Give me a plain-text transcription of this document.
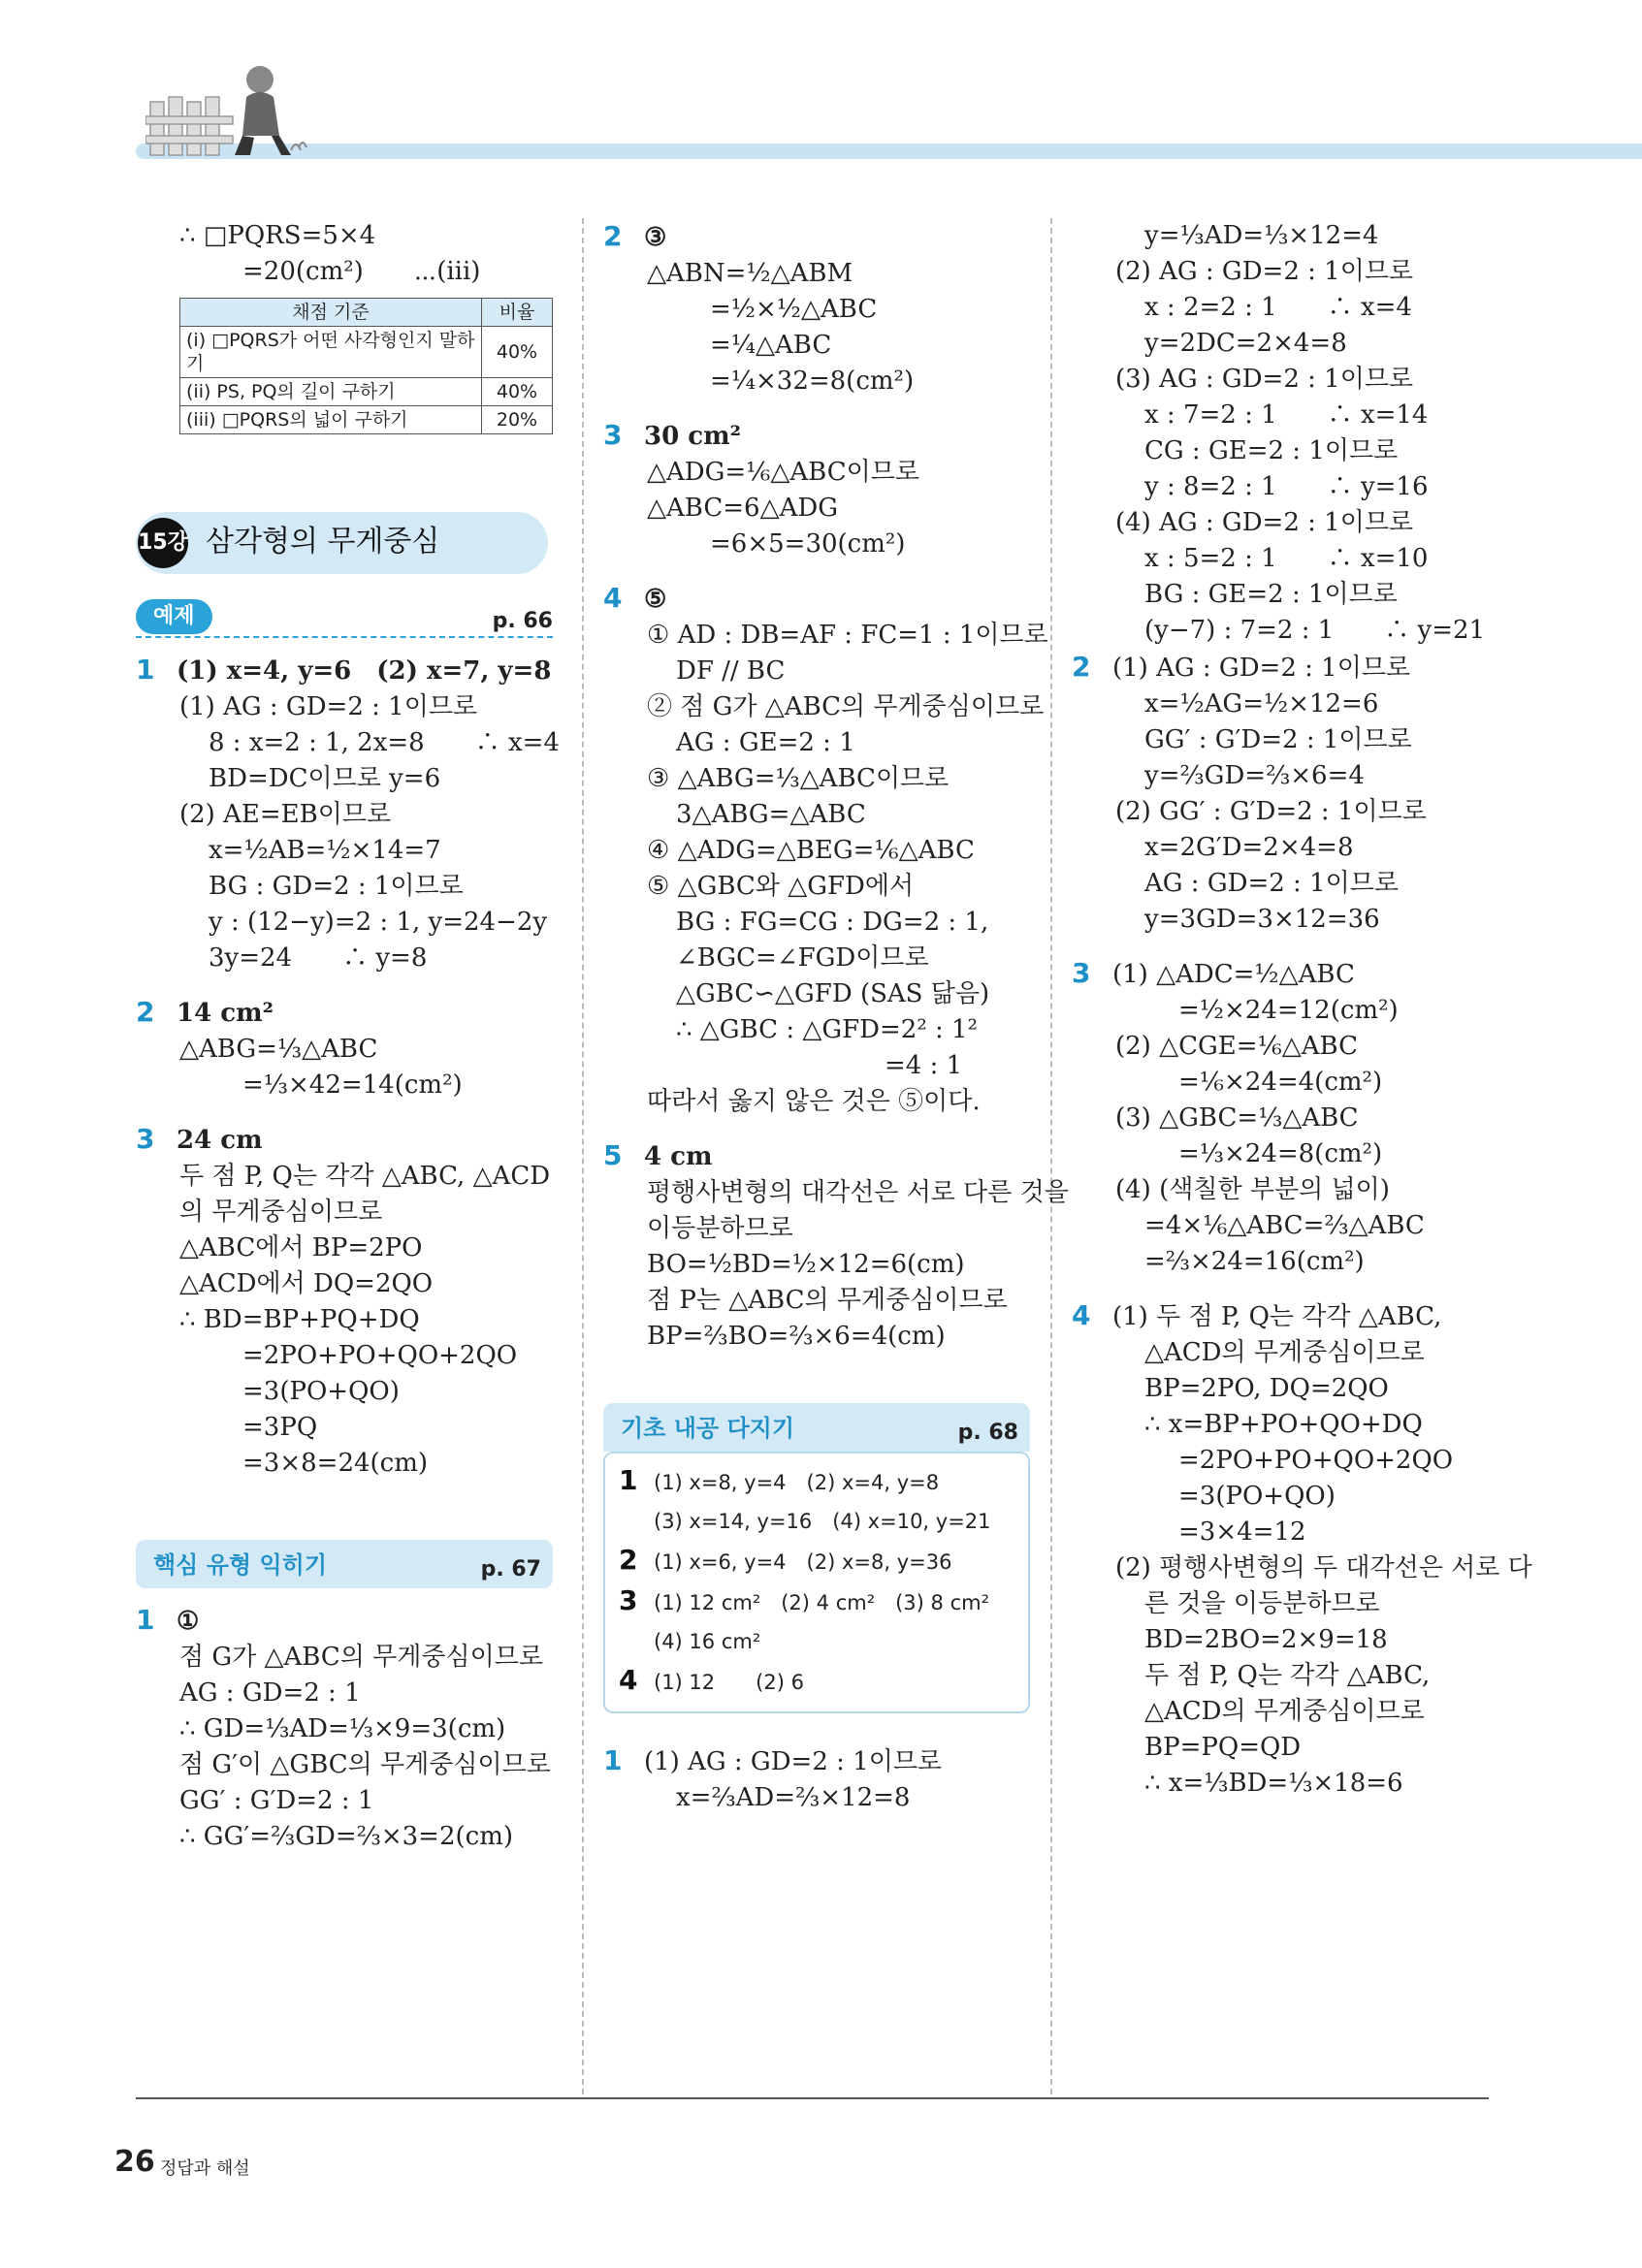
∴ □PQRS=5×4
=20(cm²)　　⋯(iii)
채점 기준	비율
(i) □PQRS가 어떤 사각형인지 말하기	40%
(ii) PS, PQ의 길이 구하기	40%
(iii) □PQRS의 넓이 구하기	20%
15강 삼각형의 무게중심
예제	p. 66
1 (1) x=4, y=6　(2) x=7, y=8
(1) AG : GD=2 : 1이므로
8 : x=2 : 1, 2x=8　　∴ x=4
BD=DC이므로 y=6
(2) AE=EB이므로
x=½AB=½×14=7
BG : GD=2 : 1이므로
y : (12−y)=2 : 1, y=24−2y
3y=24　　∴ y=8
2 14 cm²
△ABG=⅓△ABC
=⅓×42=14(cm²)
3 24 cm
두 점 P, Q는 각각 △ABC, △ACD
의 무게중심이므로
△ABC에서 BP=2PO
△ACD에서 DQ=2QO
∴ BD=BP+PQ+DQ
=2PO+PO+QO+2QO
=3(PO+QO)
=3PQ
=3×8=24(cm)
핵심 유형 익히기	p. 67
1 ①
점 G가 △ABC의 무게중심이므로
AG : GD=2 : 1
∴ GD=⅓AD=⅓×9=3(cm)
점 G′이 △GBC의 무게중심이므로
GG′ : G′D=2 : 1
∴ GG′=⅔GD=⅔×3=2(cm)
2 ③
△ABN=½△ABM
=½×½△ABC
=¼△ABC
=¼×32=8(cm²)
3 30 cm²
△ADG=⅙△ABC이므로
△ABC=6△ADG
=6×5=30(cm²)
4 ⑤
① AD : DB=AF : FC=1 : 1이므로
DF // BC
② 점 G가 △ABC의 무게중심이므로
AG : GE=2 : 1
③ △ABG=⅓△ABC이므로
3△ABG=△ABC
④ △ADG=△BEG=⅙△ABC
⑤ △GBC와 △GFD에서
BG : FG=CG : DG=2 : 1,
∠BGC=∠FGD이므로
△GBC∽△GFD (SAS 닮음)
∴ △GBC : △GFD=2² : 1²
=4 : 1
따라서 옳지 않은 것은 ⑤이다.
5 4 cm
평행사변형의 대각선은 서로 다른 것을
이등분하므로
BO=½BD=½×12=6(cm)
점 P는 △ABC의 무게중심이므로
BP=⅔BO=⅔×6=4(cm)
기초 내공 다지기	p. 68
1 (1) x=8, y=4　(2) x=4, y=8
(3) x=14, y=16　(4) x=10, y=21
2 (1) x=6, y=4　(2) x=8, y=36
3 (1) 12 cm²　(2) 4 cm²　(3) 8 cm²
(4) 16 cm²
4 (1) 12　　(2) 6
1 (1) AG : GD=2 : 1이므로
x=⅔AD=⅔×12=8
y=⅓AD=⅓×12=4
(2) AG : GD=2 : 1이므로
x : 2=2 : 1　　∴ x=4
y=2DC=2×4=8
(3) AG : GD=2 : 1이므로
x : 7=2 : 1　　∴ x=14
CG : GE=2 : 1이므로
y : 8=2 : 1　　∴ y=16
(4) AG : GD=2 : 1이므로
x : 5=2 : 1　　∴ x=10
BG : GE=2 : 1이므로
(y−7) : 7=2 : 1　　∴ y=21
2 (1) AG : GD=2 : 1이므로
x=½AG=½×12=6
GG′ : G′D=2 : 1이므로
y=⅔GD=⅔×6=4
(2) GG′ : G′D=2 : 1이므로
x=2G′D=2×4=8
AG : GD=2 : 1이므로
y=3GD=3×12=36
3 (1) △ADC=½△ABC
=½×24=12(cm²)
(2) △CGE=⅙△ABC
=⅙×24=4(cm²)
(3) △GBC=⅓△ABC
=⅓×24=8(cm²)
(4) (색칠한 부분의 넓이)
=4×⅙△ABC=⅔△ABC
=⅔×24=16(cm²)
4 (1) 두 점 P, Q는 각각 △ABC,
△ACD의 무게중심이므로
BP=2PO, DQ=2QO
∴ x=BP+PO+QO+DQ
=2PO+PO+QO+2QO
=3(PO+QO)
=3×4=12
(2) 평행사변형의 두 대각선은 서로 다
른 것을 이등분하므로
BD=2BO=2×9=18
두 점 P, Q는 각각 △ABC,
△ACD의 무게중심이므로
BP=PQ=QD
∴ x=⅓BD=⅓×18=6
26 정답과 해설
